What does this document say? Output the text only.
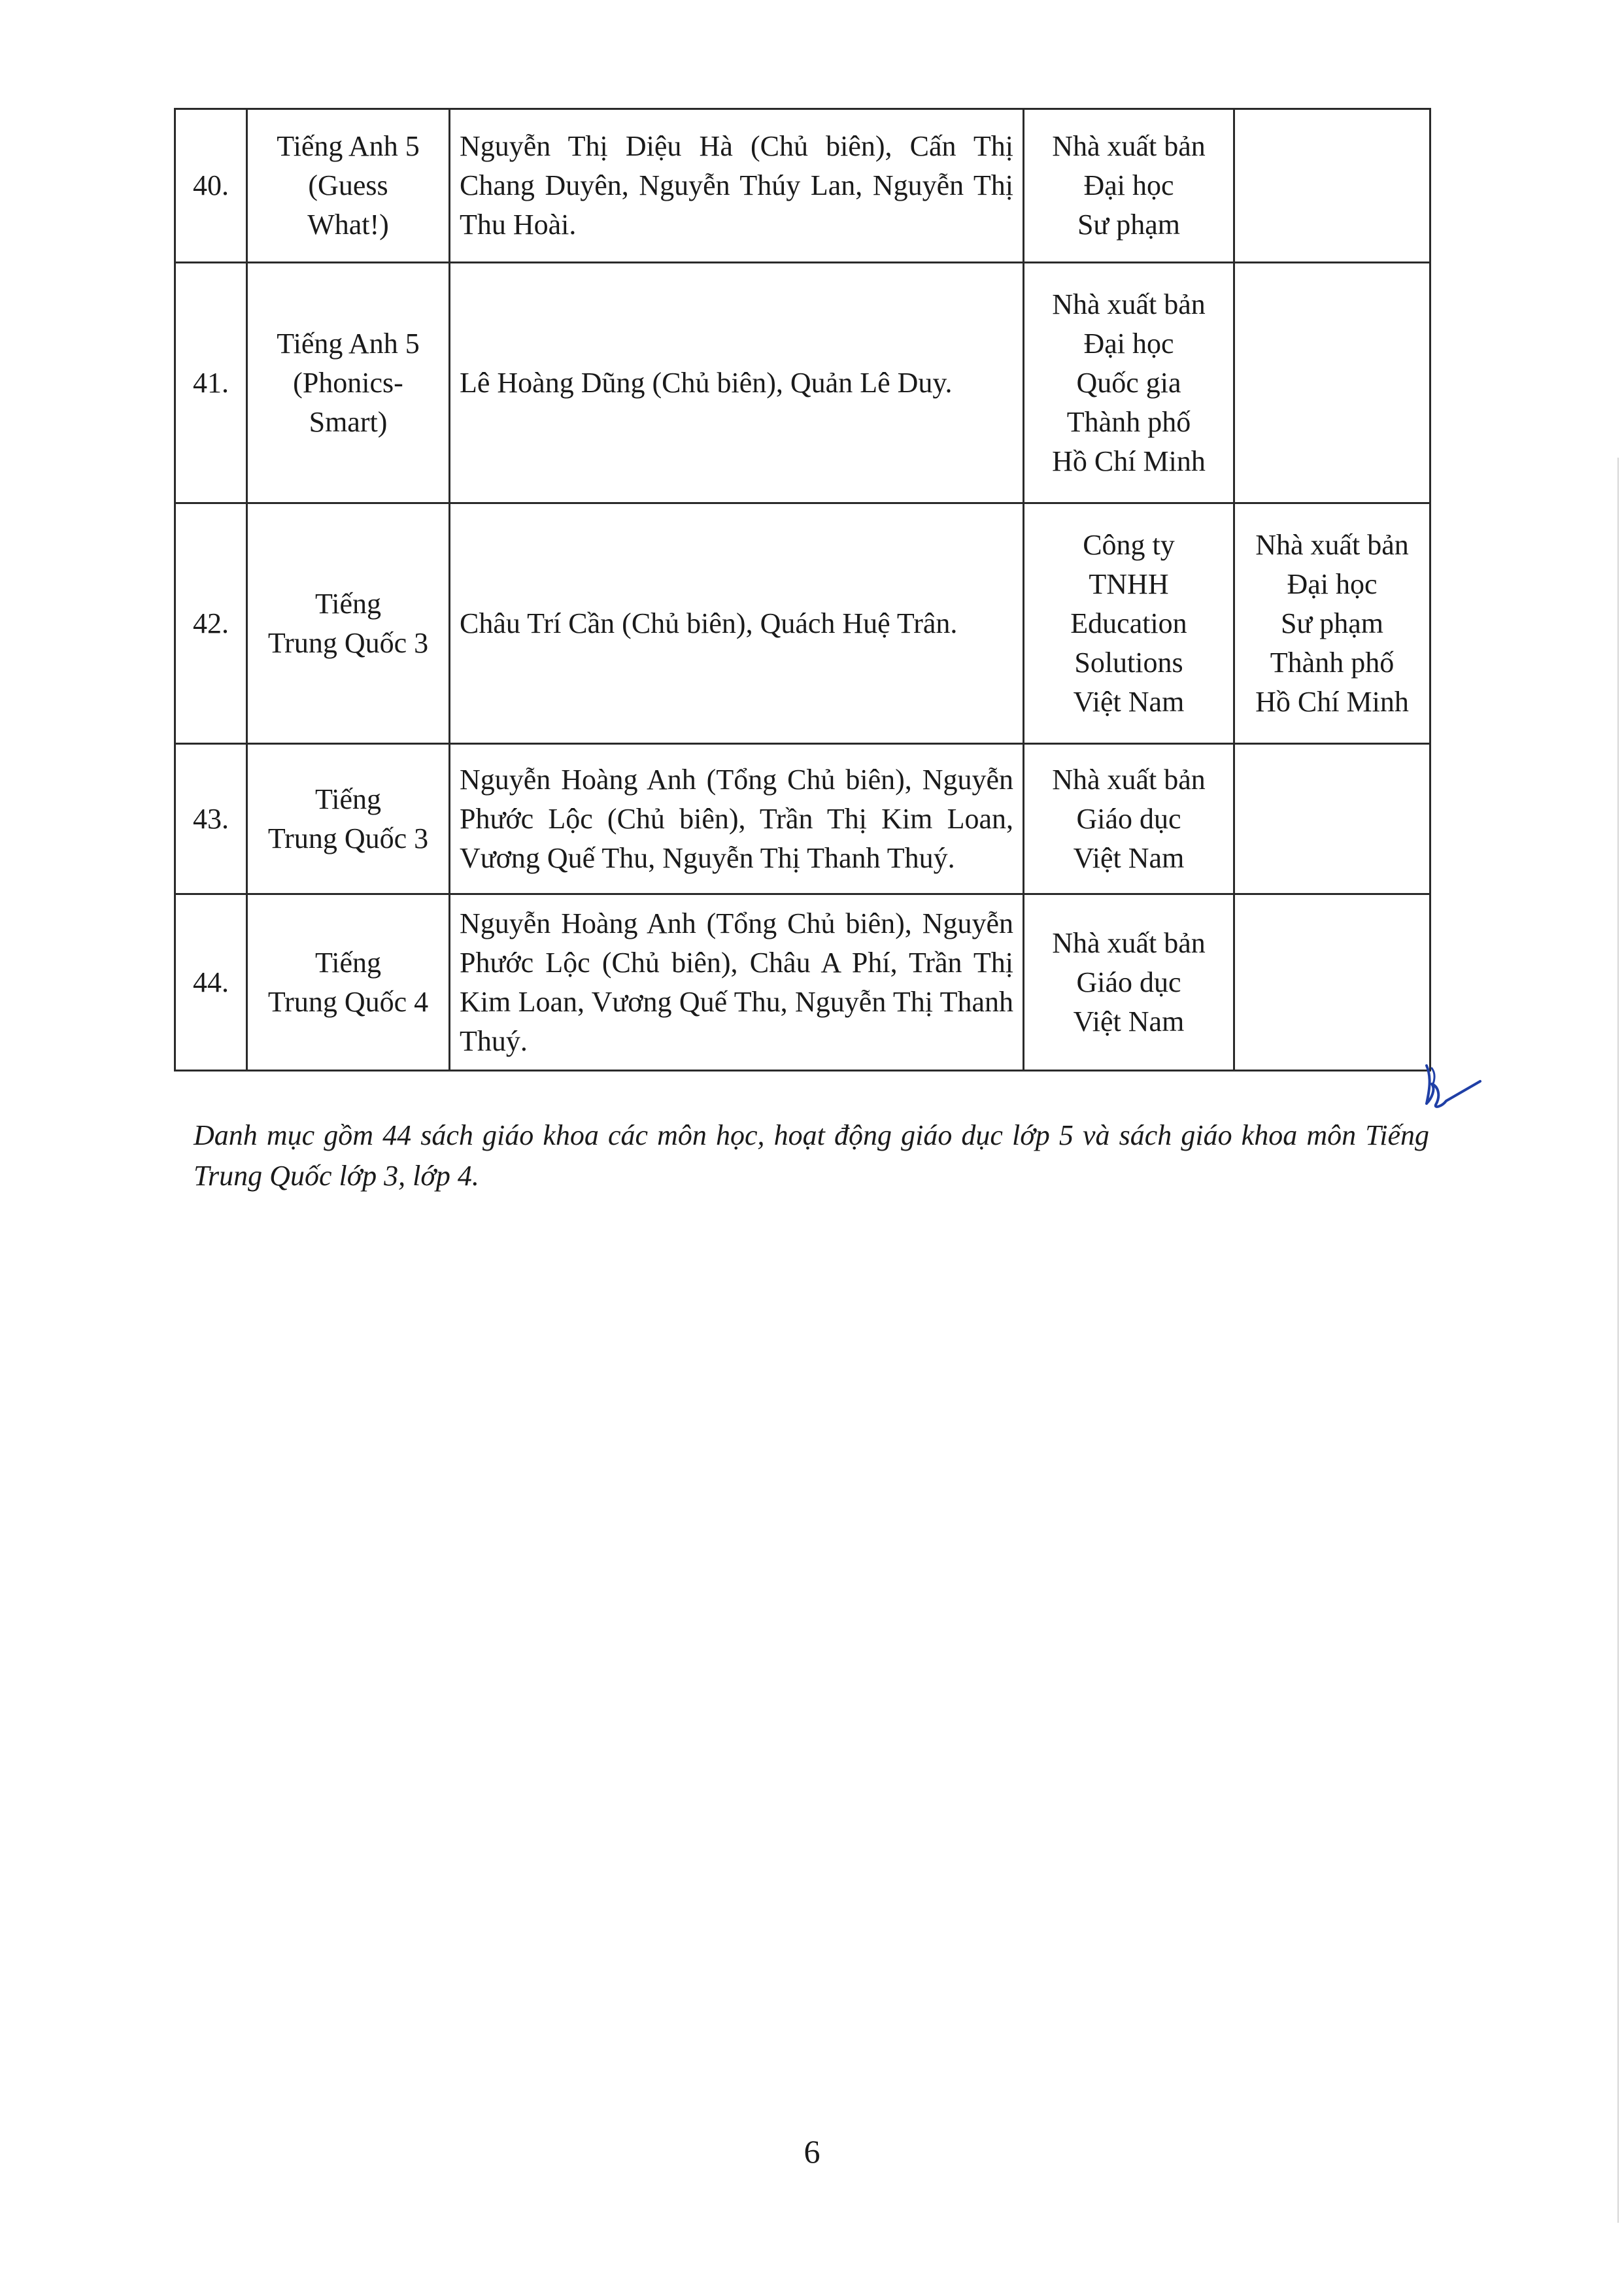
40.	Tiếng Anh 5
(Guess
What!)	Nguyễn Thị Diệu Hà (Chủ biên), Cấn Thị Chang Duyên, Nguyễn Thúy Lan, Nguyễn Thị Thu Hoài.	Nhà xuất bản
Đại học
Sư phạm	

41.	Tiếng Anh 5
(Phonics-
Smart)	Lê Hoàng Dũng (Chủ biên), Quản Lê Duy.	Nhà xuất bản
Đại học
Quốc gia
Thành phố
Hồ Chí Minh	

42.	Tiếng
Trung Quốc 3	Châu Trí Cần (Chủ biên), Quách Huệ Trân.	Công ty
TNHH
Education
Solutions
Việt Nam	Nhà xuất bản
Đại học
Sư phạm
Thành phố
Hồ Chí Minh

43.	Tiếng
Trung Quốc 3	Nguyễn Hoàng Anh (Tổng Chủ biên), Nguyễn Phước Lộc (Chủ biên), Trần Thị Kim Loan, Vương Quế Thu, Nguyễn Thị Thanh Thuý.	Nhà xuất bản
Giáo dục
Việt Nam	

44.	Tiếng
Trung Quốc 4	Nguyễn Hoàng Anh (Tổng Chủ biên), Nguyễn Phước Lộc (Chủ biên), Châu A Phí, Trần Thị Kim Loan, Vương Quế Thu, Nguyễn Thị Thanh Thuý.	Nhà xuất bản
Giáo dục
Việt Nam	

Danh mục gồm 44 sách giáo khoa các môn học, hoạt động giáo dục lớp 5 và sách giáo khoa môn Tiếng Trung Quốc lớp 3, lớp 4.
6
